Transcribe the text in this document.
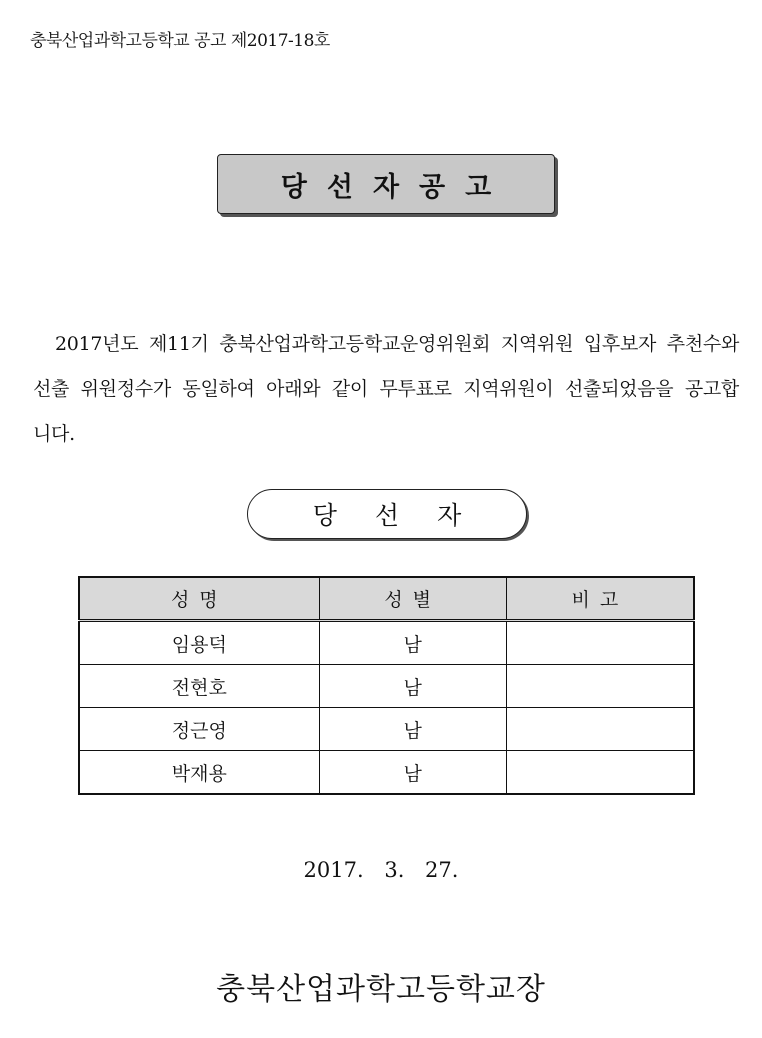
충북산업과학고등학교 공고 제2017-18호
당선자공고

2017년도 제11기 충북산업과학고등학교운영위원회 지역위원 입후보자 추천수와 선출 위원정수가 동일하여 아래와 같이 무투표로 지역위원이 선출되었음을 공고합니다.

당선자
성명	성별	비고
임용덕	남	
전현호	남	
정근영	남	
박재용	남	
2017. 3. 27.
충북산업과학고등학교장
